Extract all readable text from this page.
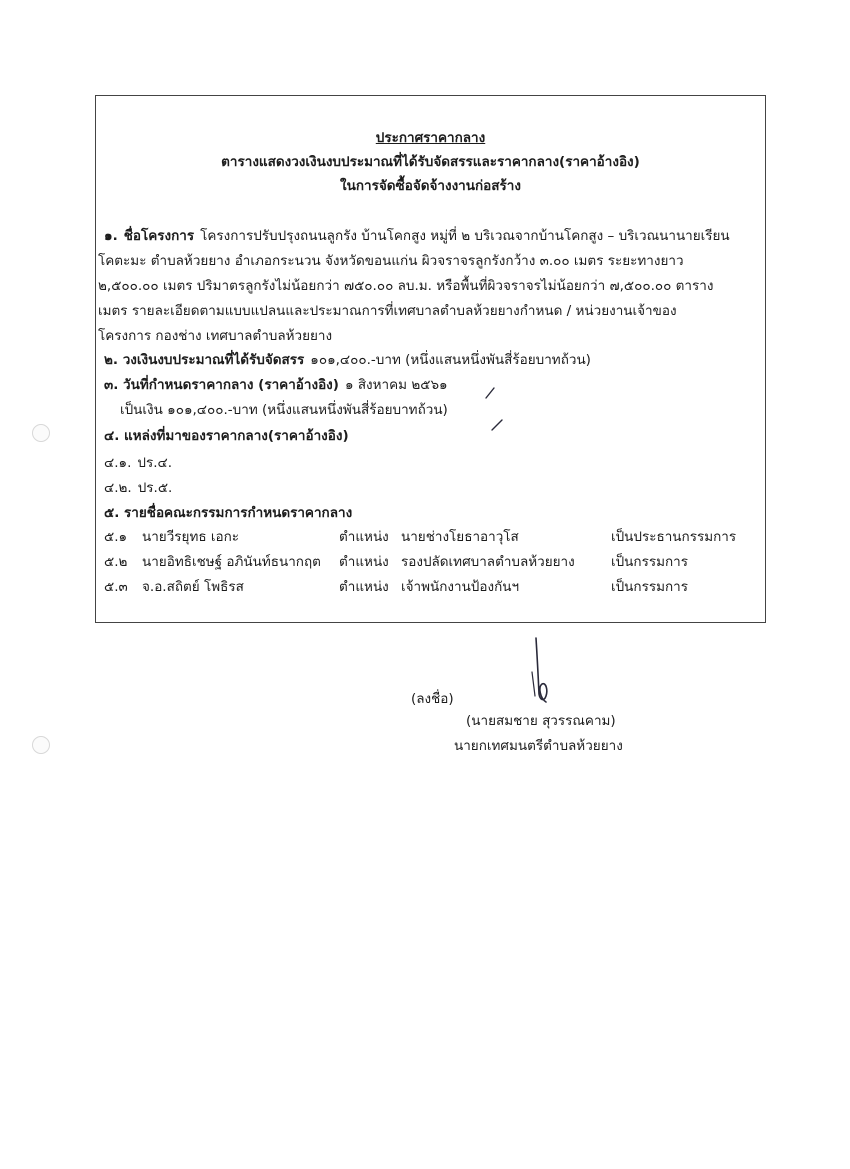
ประกาศราคากลาง
ตารางแสดงวงเงินงบประมาณที่ได้รับจัดสรรและราคากลาง(ราคาอ้างอิง)
ในการจัดซื้อจัดจ้างงานก่อสร้าง
๑. ชื่อโครงการ โครงการปรับปรุงถนนลูกรัง บ้านโคกสูง หมู่ที่ ๒ บริเวณจากบ้านโคกสูง – บริเวณนานายเรียน
โคตะมะ ตำบลห้วยยาง อำเภอกระนวน จังหวัดขอนแก่น ผิวจราจรลูกรังกว้าง ๓.๐๐ เมตร ระยะทางยาว
๒,๕๐๐.๐๐ เมตร ปริมาตรลูกรังไม่น้อยกว่า ๗๕๐.๐๐ ลบ.ม. หรือพื้นที่ผิวจราจรไม่น้อยกว่า ๗,๕๐๐.๐๐ ตาราง
เมตร รายละเอียดตามแบบแปลนและประมาณการที่เทศบาลตำบลห้วยยางกำหนด / หน่วยงานเจ้าของ
โครงการ กองช่าง เทศบาลตำบลห้วยยาง
๒. วงเงินงบประมาณที่ได้รับจัดสรร ๑๐๑,๔๐๐.-บาท (หนึ่งแสนหนึ่งพันสี่ร้อยบาทถ้วน)
๓. วันที่กำหนดราคากลาง (ราคาอ้างอิง) ๑ สิงหาคม ๒๕๖๑
เป็นเงิน ๑๐๑,๔๐๐.-บาท (หนึ่งแสนหนึ่งพันสี่ร้อยบาทถ้วน)
๔. แหล่งที่มาของราคากลาง(ราคาอ้างอิง)
๔.๑. ปร.๔.
๔.๒. ปร.๕.
๕. รายชื่อคณะกรรมการกำหนดราคากลาง
๕.๑ นายวีรยุทธ เอกะ	ตำแหน่ง นายช่างโยธาอาวุโส	เป็นประธานกรรมการ
๕.๒ นายอิทธิเชษฐ์ อภินันท์ธนากฤต ตำแหน่ง รองปลัดเทศบาลตำบลห้วยยาง	เป็นกรรมการ
๕.๓ จ.อ.สถิตย์ โพธิรส	ตำแหน่ง เจ้าพนักงานป้องกันฯ	เป็นกรรมการ
(ลงชื่อ)
(นายสมชาย สุวรรณคาม)
นายกเทศมนตรีตำบลห้วยยาง
